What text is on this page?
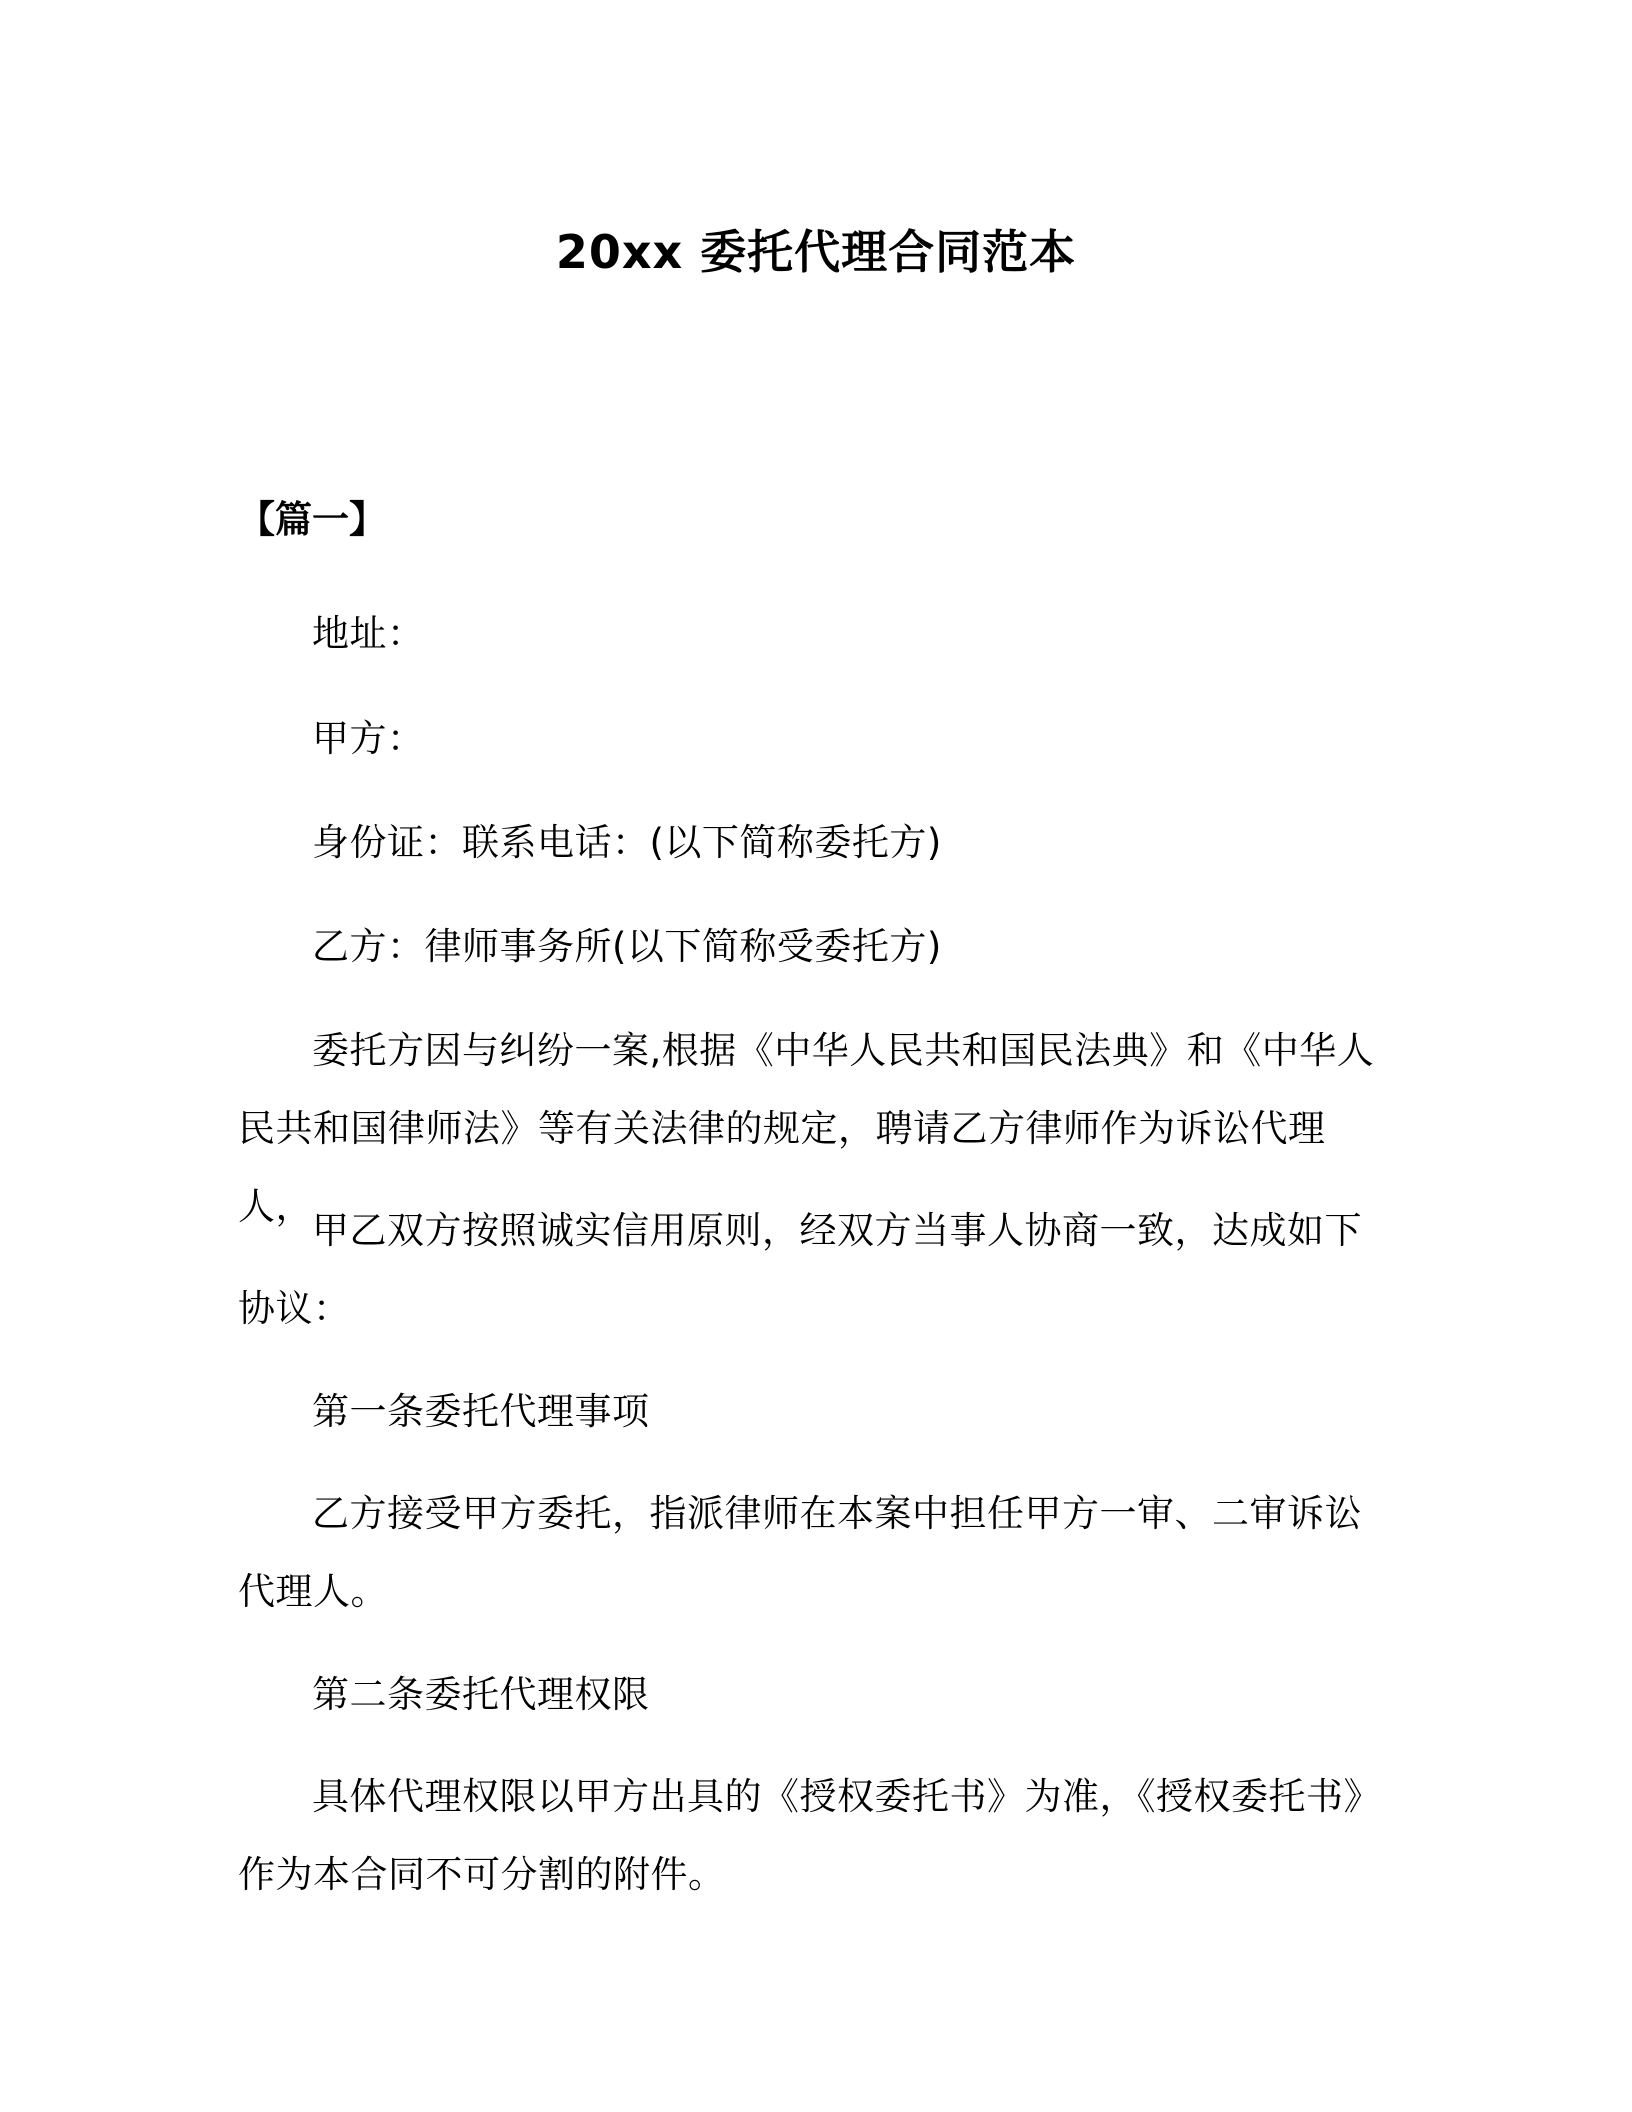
20xx 委托代理合同范本
【篇一】

地址：

甲方：

身份证：联系电话：(以下简称委托方)

乙方：律师事务所(以下简称受委托方)

委托方因与纠纷一案,根据《中华人民共和国民法典》和《中华人民共和国律师法》等有关法律的规定，聘请乙方律师作为诉讼代理人，

甲乙双方按照诚实信用原则，经双方当事人协商一致，达成如下协议：

第一条委托代理事项

乙方接受甲方委托，指派律师在本案中担任甲方一审、二审诉讼代理人。

第二条委托代理权限

具体代理权限以甲方出具的《授权委托书》为准，《授权委托书》作为本合同不可分割的附件。
